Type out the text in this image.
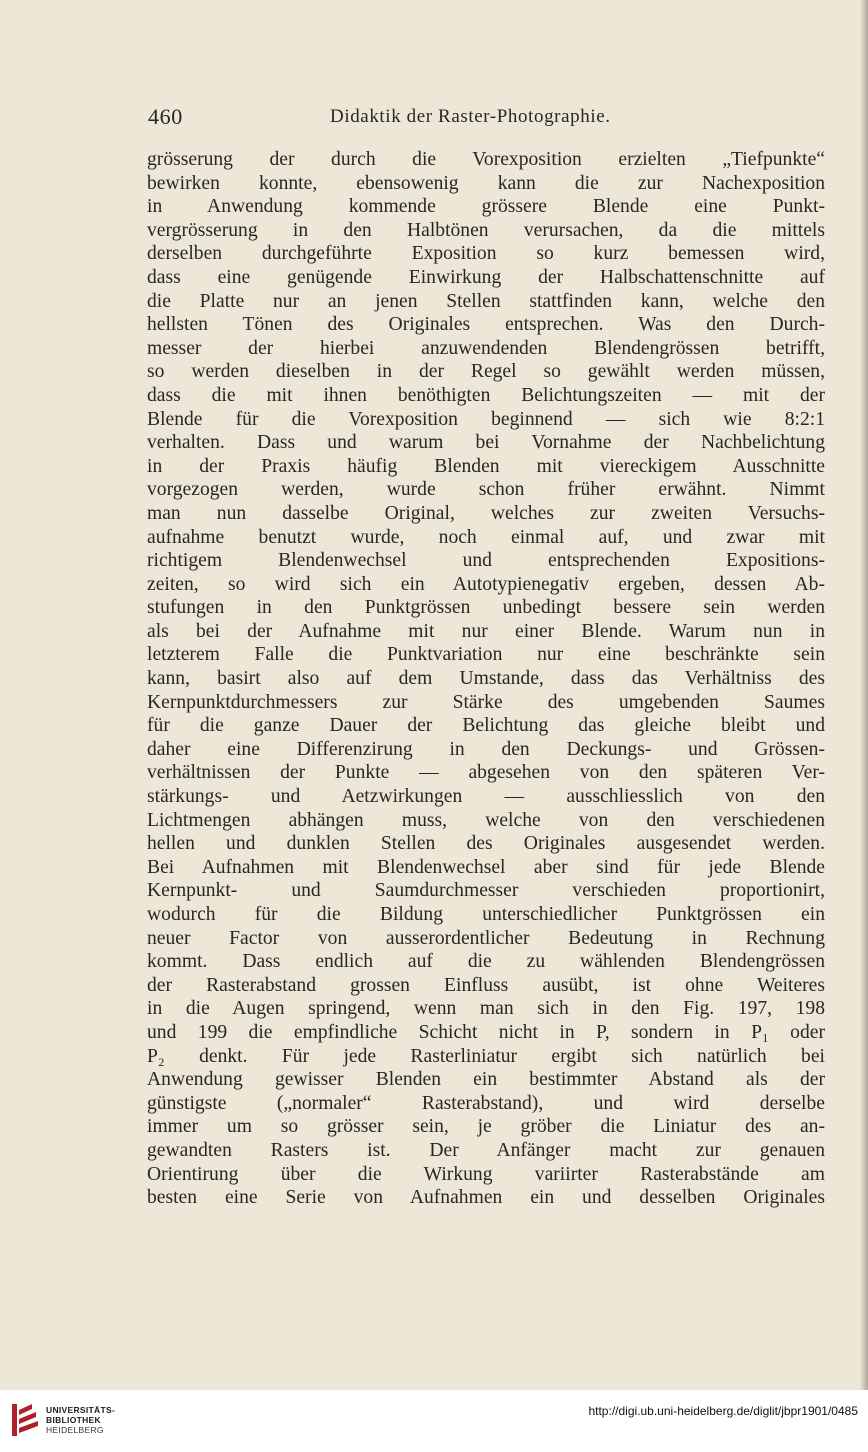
460	Didaktik der Raster-Photographie.
grösserung der durch die Vorexposition erzielten „Tiefpunkte“
bewirken konnte, ebensowenig kann die zur Nachexposition
in Anwendung kommende grössere Blende eine Punkt-
vergrösserung in den Halbtönen verursachen, da die mittels
derselben durchgeführte Exposition so kurz bemessen wird,
dass eine genügende Einwirkung der Halbschattenschnitte auf
die Platte nur an jenen Stellen stattfinden kann, welche den
hellsten Tönen des Originales entsprechen. Was den Durch-
messer der hierbei anzuwendenden Blendengrössen betrifft,
so werden dieselben in der Regel so gewählt werden müssen,
dass die mit ihnen benöthigten Belichtungszeiten — mit der
Blende für die Vorexposition beginnend — sich wie 8:2:1
verhalten. Dass und warum bei Vornahme der Nachbelichtung
in der Praxis häufig Blenden mit viereckigem Ausschnitte
vorgezogen werden, wurde schon früher erwähnt. Nimmt
man nun dasselbe Original, welches zur zweiten Versuchs-
aufnahme benutzt wurde, noch einmal auf, und zwar mit
richtigem Blendenwechsel und entsprechenden Expositions-
zeiten, so wird sich ein Autotypienegativ ergeben, dessen Ab-
stufungen in den Punktgrössen unbedingt bessere sein werden
als bei der Aufnahme mit nur einer Blende. Warum nun in
letzterem Falle die Punktvariation nur eine beschränkte sein
kann, basirt also auf dem Umstande, dass das Verhältniss des
Kernpunktdurchmessers zur Stärke des umgebenden Saumes
für die ganze Dauer der Belichtung das gleiche bleibt und
daher eine Differenzirung in den Deckungs- und Grössen-
verhältnissen der Punkte — abgesehen von den späteren Ver-
stärkungs- und Aetzwirkungen — ausschliesslich von den
Lichtmengen abhängen muss, welche von den verschiedenen
hellen und dunklen Stellen des Originales ausgesendet werden.
Bei Aufnahmen mit Blendenwechsel aber sind für jede Blende
Kernpunkt- und Saumdurchmesser verschieden proportionirt,
wodurch für die Bildung unterschiedlicher Punktgrössen ein
neuer Factor von ausserordentlicher Bedeutung in Rechnung
kommt. Dass endlich auf die zu wählenden Blendengrössen
der Rasterabstand grossen Einfluss ausübt, ist ohne Weiteres
in die Augen springend, wenn man sich in den Fig. 197, 198
und 199 die empfindliche Schicht nicht in P, sondern in P₁ oder
P₂ denkt. Für jede Rasterliniatur ergibt sich natürlich bei
Anwendung gewisser Blenden ein bestimmter Abstand als der
günstigste („normaler“ Rasterabstand), und wird derselbe
immer um so grösser sein, je gröber die Liniatur des an-
gewandten Rasters ist. Der Anfänger macht zur genauen
Orientirung über die Wirkung variirter Rasterabstände am
besten eine Serie von Aufnahmen ein und desselben Originales
UNIVERSITÄTS-
BIBLIOTHEK
HEIDELBERG
http://digi.ub.uni-heidelberg.de/diglit/jbpr1901/0485
